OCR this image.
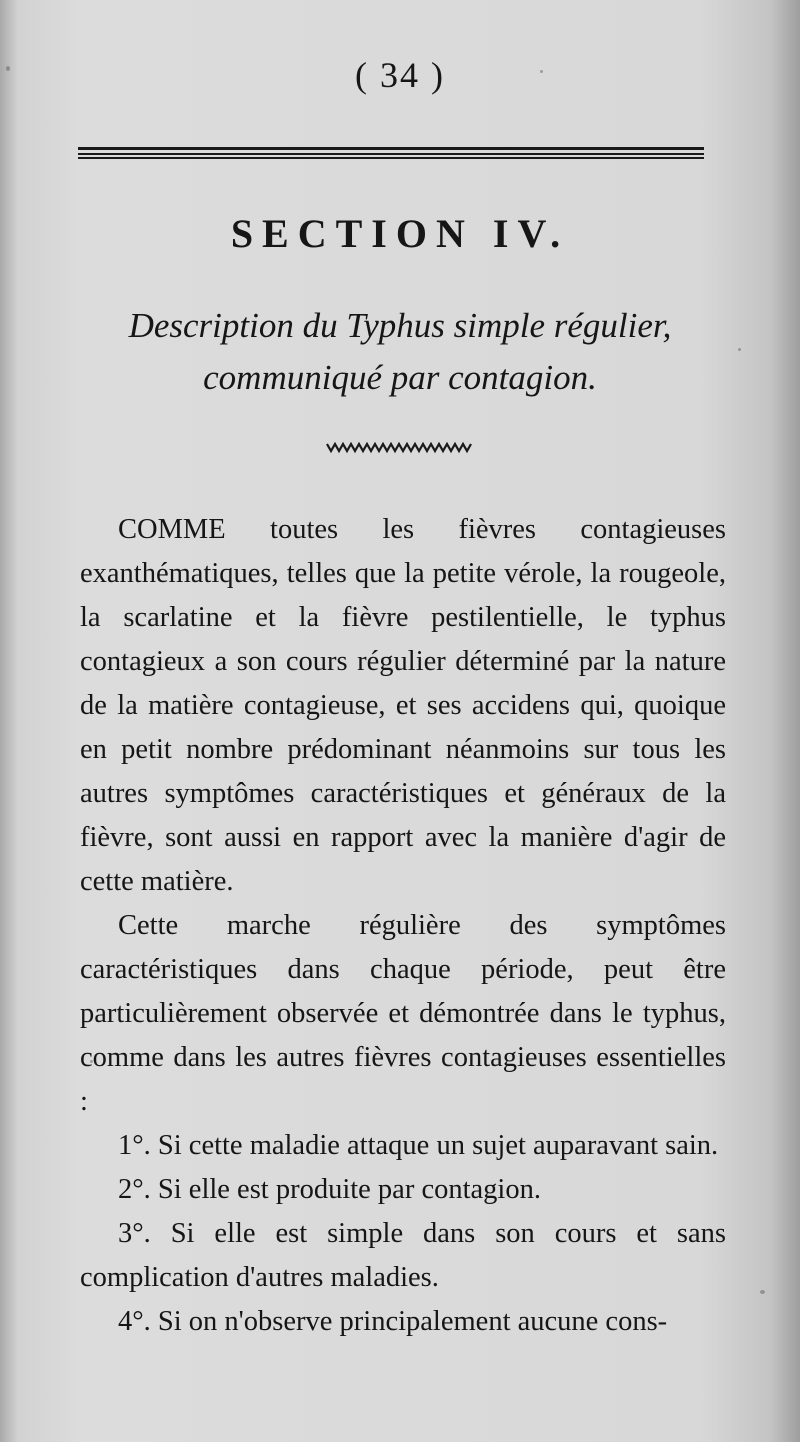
( 34 )
SECTION IV.
Description du Typhus simple régulier,
communiqué par contagion.

COMME toutes les fièvres contagieuses exanthématiques, telles que la petite vérole, la rougeole, la scarlatine et la fièvre pestilentielle, le typhus contagieux a son cours régulier déterminé par la nature de la matière contagieuse, et ses accidens qui, quoique en petit nombre prédominant néanmoins sur tous les autres symptômes caractéristiques et généraux de la fièvre, sont aussi en rapport avec la manière d'agir de cette matière.

Cette marche régulière des symptômes caractéristiques dans chaque période, peut être particulièrement observée et démontrée dans le typhus, comme dans les autres fièvres contagieuses essentielles :

1°. Si cette maladie attaque un sujet auparavant sain.

2°. Si elle est produite par contagion.

3°. Si elle est simple dans son cours et sans complication d'autres maladies.

4°. Si on n'observe principalement aucune cons-
